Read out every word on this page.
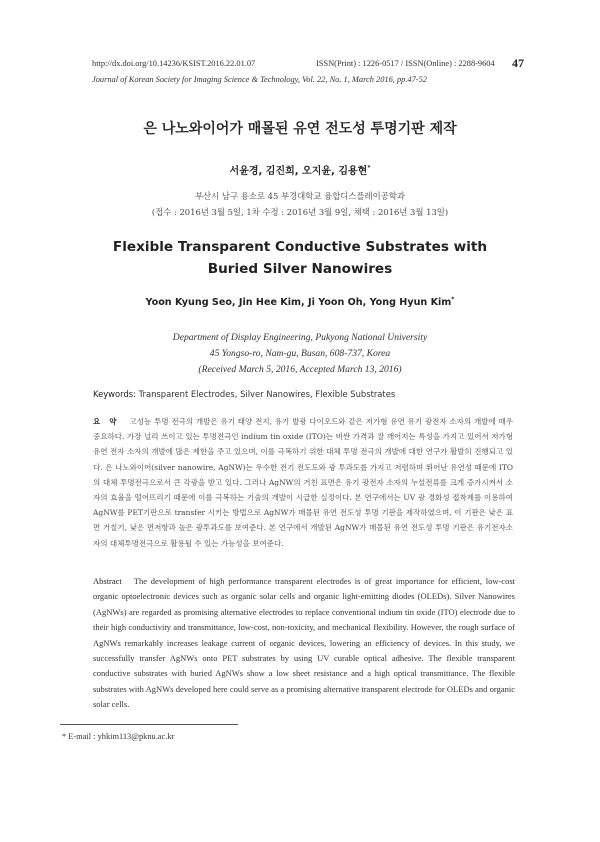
http://dx.doi.org/10.14236/KSIST.2016.22.01.07	ISSN(Print) : 1226-0517 / ISSN(Online) : 2288-9604 47
Journal of Korean Society for Imaging Science & Technology, Vol. 22, No. 1, March 2016, pp.47-52
은 나노와이어가 매몰된 유연 전도성 투명기판 제작
서윤경, 김진희, 오지윤, 김용현*
부산시 남구 용소로 45 부경대학교 융합디스플레이공학과
(접수 : 2016년 3월 5일, 1차 수정 : 2016년 3월 9일, 채택 : 2016년 3월 13일)
Flexible Transparent Conductive Substrates with Buried Silver Nanowires
Yoon Kyung Seo, Jin Hee Kim, Ji Yoon Oh, Yong Hyun Kim*
Department of Display Engineering, Pukyong National University
45 Yongso-ro, Nam-gu, Busan, 608-737, Korea
(Received March 5, 2016, Accepted March 13, 2016)
Keywords: Transparent Electrodes, Silver Nanowires, Flexible Substrates
요 약 고성능 투명 전극의 개발은 유기 태양 전지, 유기 발광 다이오드와 같은 저가형 유연 유기 광전자 소자의 개발에 매우 중요하다. 가장 널리 쓰이고 있는 투명전극인 indium tin oxide (ITO)는 비싼 가격과 잘 깨어지는 특성을 가지고 있어서 저가형 유연 전자 소자의 개발에 많은 제한을 주고 있으며, 이를 극복하기 위한 대체 투명 전극의 개발에 대한 연구가 활발히 진행되고 있다. 은 나노와이어(silver nanowire, AgNW)는 우수한 전기 전도도와 광 투과도를 가지고 저렴하며 뛰어난 유연성 때문에 ITO의 대체 투명전극으로서 큰 각광을 받고 있다. 그러나 AgNW의 거친 표면은 유기 광전자 소자의 누설전류를 크게 증가시켜서 소자의 효율을 떨어뜨리기 때문에 이를 극복하는 기술의 개발이 시급한 실정이다. 본 연구에서는 UV 광 경화성 접착제를 이용하여 AgNW를 PET기판으로 transfer 시키는 방법으로 AgNW가 매몰된 유연 전도성 투명 기판을 제작하였으며, 이 기판은 낮은 표면 거칠기, 낮은 면저항과 높은 광투과도를 보여준다. 본 연구에서 개발된 AgNW가 매몰된 유연 전도성 투명 기판은 유기전자소자의 대체투명전극으로 활용될 수 있는 가능성을 보여준다.
Abstract The development of high performance transparent electrodes is of great importance for efficient, low-cost organic optoelectronic devices such as organic solar cells and organic light-emitting diodes (OLEDs). Silver Nanowires (AgNWs) are regarded as promising alternative electrodes to replace conventional indium tin oxide (ITO) electrode due to their high conductivity and transmittance, low-cost, non-toxicity, and mechanical flexibility. However, the rough surface of AgNWs remarkably increases leakage current of organic devices, lowering an efficiency of devices. In this study, we successfully transfer AgNWs onto PET substrates by using UV curable optical adhesive. The flexible transparent conductive substrates with buried AgNWs show a low sheet resistance and a high optical transmittance. The flexible substrates with AgNWs developed here could serve as a promising alternative transparent electrode for OLEDs and organic solar cells.
* E-mail : yhkim113@pknu.ac.kr
